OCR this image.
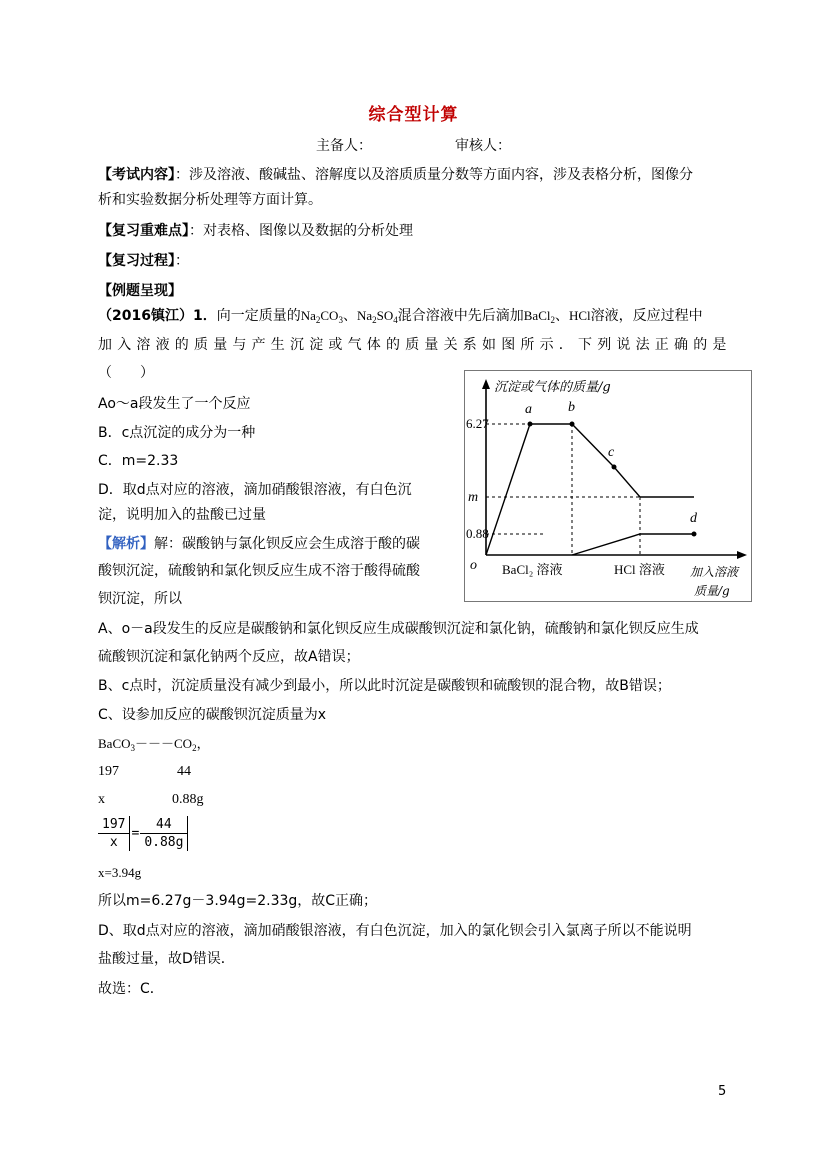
综合型计算
主备人：	审核人：
【考试内容】：涉及溶液、酸碱盐、溶解度以及溶质质量分数等方面内容，涉及表格分析，图像分
析和实验数据分析处理等方面计算。
【复习重难点】：对表格、图像以及数据的分析处理
【复习过程】：
【例题呈现】
（2016镇江）1．向一定质量的$Na_2CO_3$、$Na_2SO_4$混合溶液中先后滴加BaCl$_2$、HCl溶液，反应过程中
加入溶液的质量与产生沉淀或气体的质量关系如图所示．下列说法正确的是
（　　）
Ao～a段发生了一个反应
B．c点沉淀的成分为一种
C．m=2.33
D．取d点对应的溶液，滴加硝酸银溶液，有白色沉
淀，说明加入的盐酸已过量
【解析】解：碳酸钠与氯化钡反应会生成溶于酸的碳
酸钡沉淀，硫酸钠和氯化钡反应生成不溶于酸得硫酸
钡沉淀，所以
A、o－a段发生的反应是碳酸钠和氯化钡反应生成碳酸钡沉淀和氯化钠，硫酸钠和氯化钡反应生成
硫酸钡沉淀和氯化钠两个反应，故A错误；
B、c点时，沉淀质量没有减少到最小，所以此时沉淀是碳酸钡和硫酸钡的混合物，故B错误；
C、设参加反应的碳酸钡沉淀质量为x
$BaCO_3---CO_2$，
197	44
x	0.88g
197	=	44
x		0.88g
x=3.94g
所以m=6.27g－3.94g=2.33g，故C正确；
D、取d点对应的溶液，滴加硝酸银溶液，有白色沉淀，加入的氯化钡会引入氯离子所以不能说明
盐酸过量，故D错误．
故选：C．
5
沉淀或气体的质量/g
6.27
m
0.88
a	b
c
d
o BaCl₂ 溶液	HCl 溶液 加入溶液
质量/g
